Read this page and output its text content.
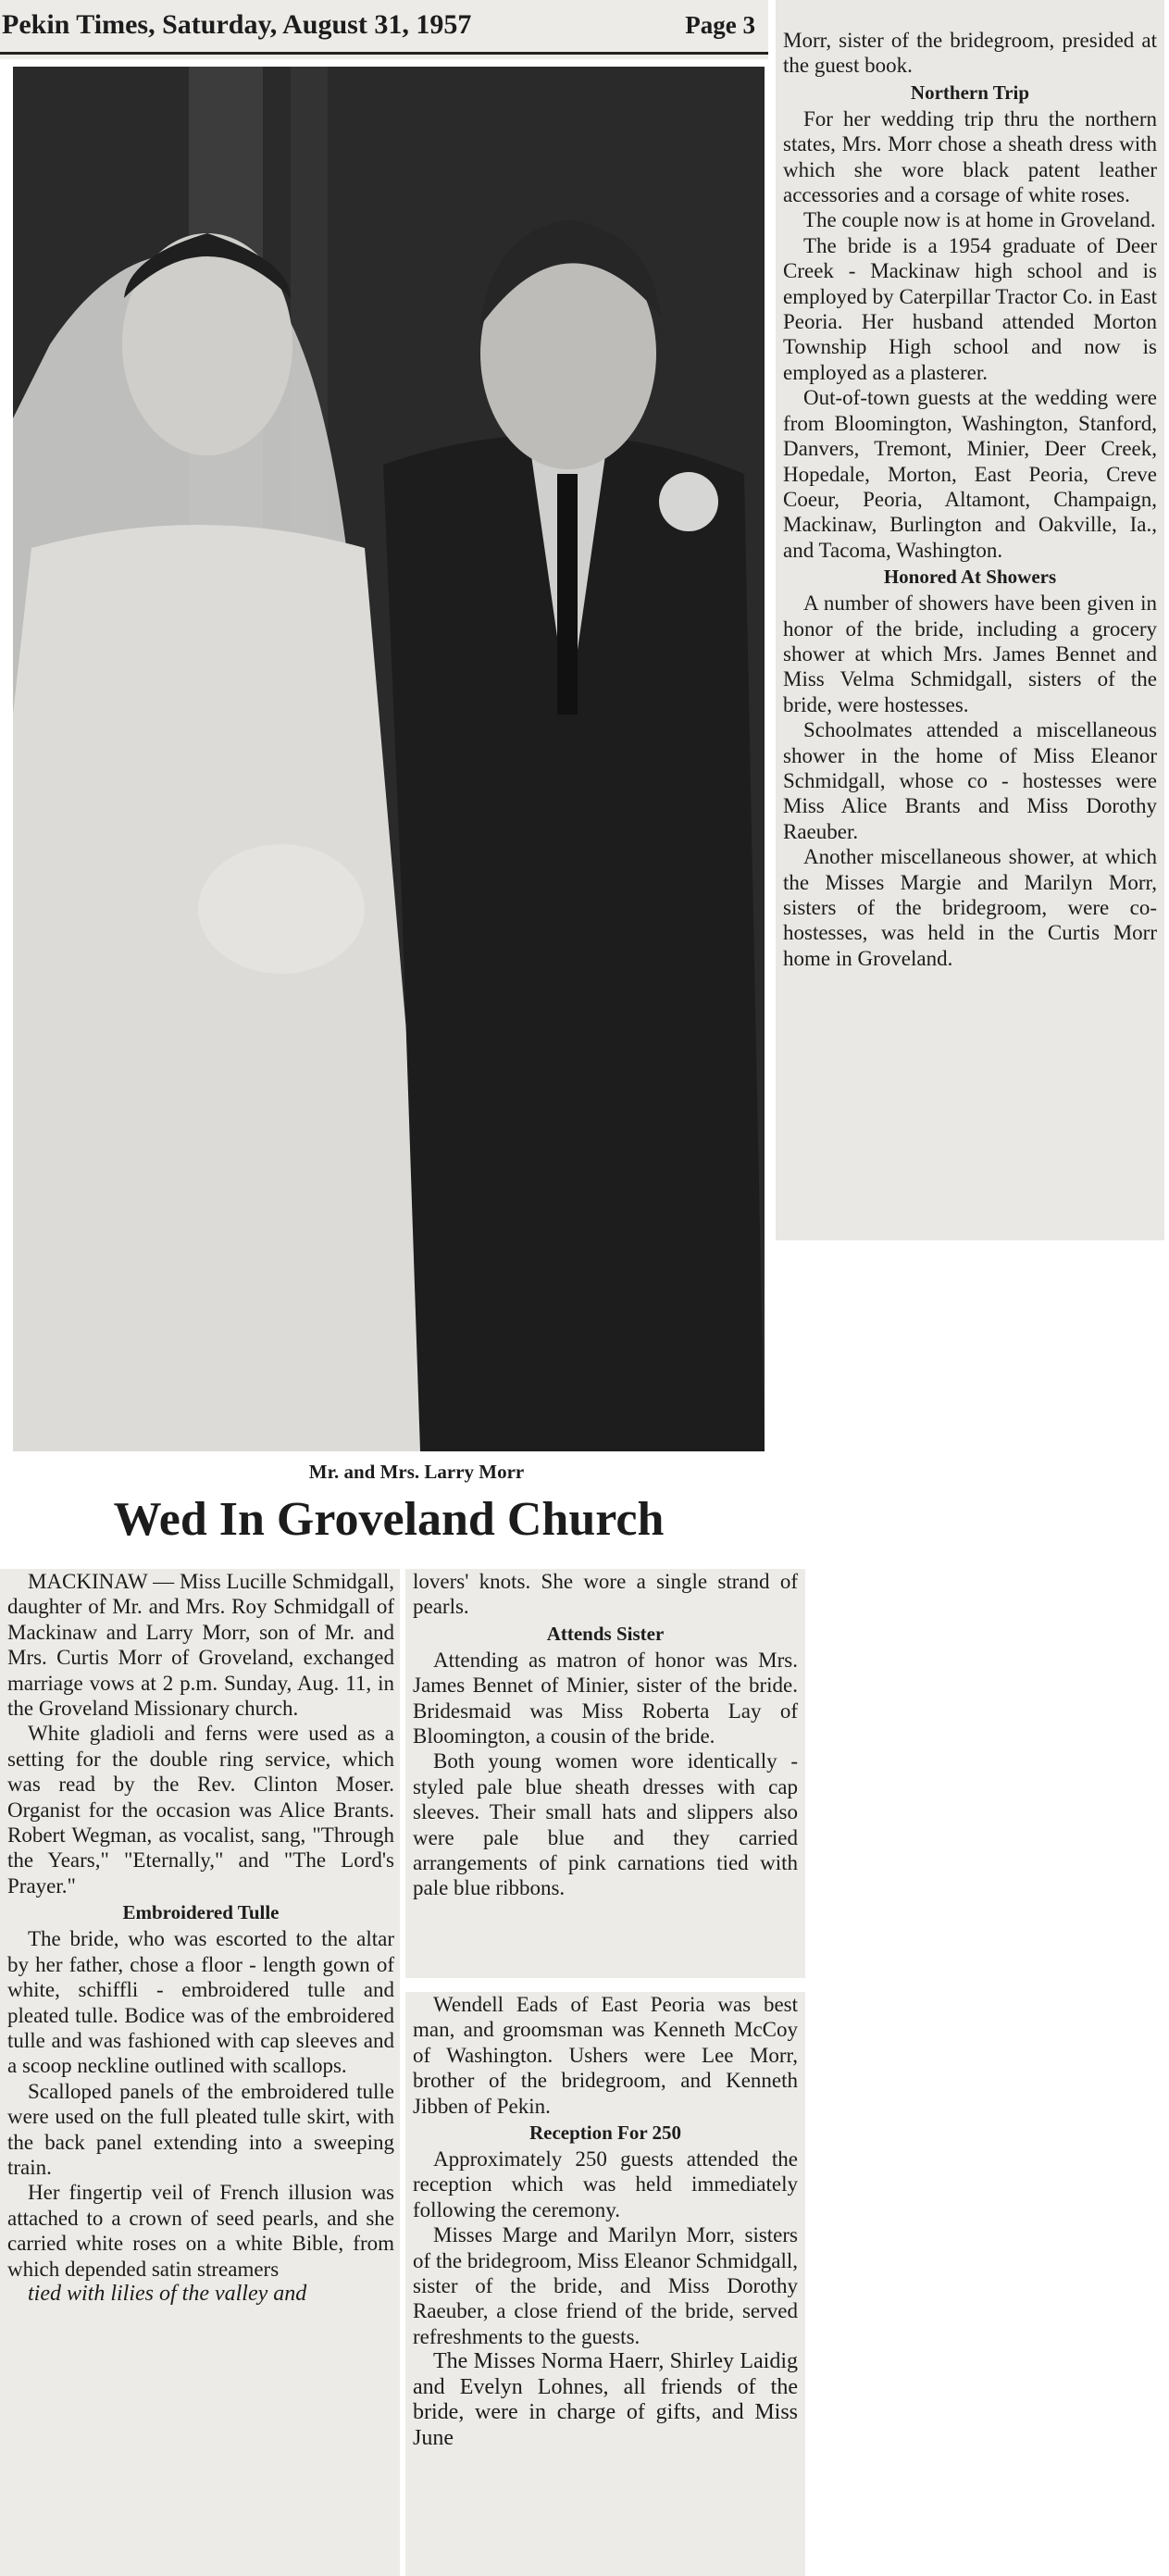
Pekin Times, Saturday, August 31, 1957	Page 3
Mr. and Mrs. Larry Morr
Wed In Groveland Church

Morr, sister of the bridegroom, presided at the guest book.

Northern Trip

For her wedding trip thru the northern states, Mrs. Morr chose a sheath dress with which she wore black patent leather accessories and a corsage of white roses.

The couple now is at home in Groveland.

The bride is a 1954 graduate of Deer Creek - Mackinaw high school and is employed by Caterpillar Tractor Co. in East Peoria. Her husband attended Morton Township High school and now is employed as a plasterer.

Out-of-town guests at the wedding were from Bloomington, Washington, Stanford, Danvers, Tremont, Minier, Deer Creek, Hopedale, Morton, East Peoria, Creve Coeur, Peoria, Altamont, Champaign, Mackinaw, Burlington and Oakville, Ia., and Tacoma, Washington.

Honored At Showers

A number of showers have been given in honor of the bride, including a grocery shower at which Mrs. James Bennet and Miss Velma Schmidgall, sisters of the bride, were hostesses.

Schoolmates attended a miscellaneous shower in the home of Miss Eleanor Schmidgall, whose co - hostesses were Miss Alice Brants and Miss Dorothy Raeuber.

Another miscellaneous shower, at which the Misses Margie and Marilyn Morr, sisters of the bridegroom, were co-hostesses, was held in the Curtis Morr home in Groveland.

MACKINAW — Miss Lucille Schmidgall, daughter of Mr. and Mrs. Roy Schmidgall of Mackinaw and Larry Morr, son of Mr. and Mrs. Curtis Morr of Groveland, exchanged marriage vows at 2 p.m. Sunday, Aug. 11, in the Groveland Missionary church.

White gladioli and ferns were used as a setting for the double ring service, which was read by the Rev. Clinton Moser. Organist for the occasion was Alice Brants. Robert Wegman, as vocalist, sang, "Through the Years," "Eternally," and "The Lord's Prayer."

Embroidered Tulle

The bride, who was escorted to the altar by her father, chose a floor - length gown of white, schiffli - embroidered tulle and pleated tulle. Bodice was of the embroidered tulle and was fashioned with cap sleeves and a scoop neckline outlined with scallops.

Scalloped panels of the embroidered tulle were used on the full pleated tulle skirt, with the back panel extending into a sweeping train.

Her fingertip veil of French illusion was attached to a crown of seed pearls, and she carried white roses on a white Bible, from which depended satin streamers

tied with lilies of the valley and

lovers' knots. She wore a single strand of pearls.

Attends Sister

Attending as matron of honor was Mrs. James Bennet of Minier, sister of the bride. Bridesmaid was Miss Roberta Lay of Bloomington, a cousin of the bride.

Both young women wore identically - styled pale blue sheath dresses with cap sleeves. Their small hats and slippers also were pale blue and they carried arrangements of pink carnations tied with pale blue ribbons.

Wendell Eads of East Peoria was best man, and groomsman was Kenneth McCoy of Washington. Ushers were Lee Morr, brother of the bridegroom, and Kenneth Jibben of Pekin.

Reception For 250

Approximately 250 guests attended the reception which was held immediately following the ceremony.

Misses Marge and Marilyn Morr, sisters of the bridegroom, Miss Eleanor Schmidgall, sister of the bride, and Miss Dorothy Raeuber, a close friend of the bride, served refreshments to the guests.

The Misses Norma Haerr, Shirley Laidig and Evelyn Lohnes, all friends of the bride, were in charge of gifts, and Miss June
